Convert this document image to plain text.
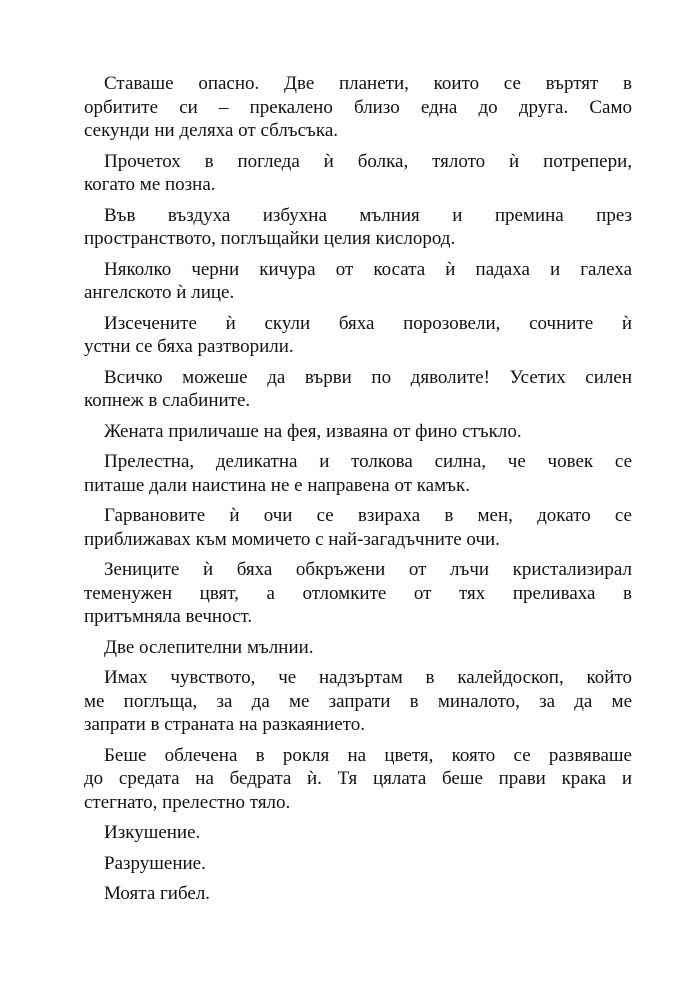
Ставаше опасно. Две планети, които се въртят в
орбитите си – прекалено близо една до друга. Само
секунди ни деляха от сблъсъка.

Прочетох в погледа ѝ болка, тялото ѝ потрепери,
когато ме позна.

Във въздуха избухна мълния и премина през
пространството, поглъщайки целия кислород.

Няколко черни кичура от косата ѝ падаха и галеха
ангелското ѝ лице.

Изсечените ѝ скули бяха порозовели, сочните ѝ
устни се бяха разтворили.

Всичко можеше да върви по дяволите! Усетих силен
копнеж в слабините.

Жената приличаше на фея, изваяна от фино стъкло.

Прелестна, деликатна и толкова силна, че човек се
питаше дали наистина не е направена от камък.

Гарвановите ѝ очи се взираха в мен, докато се
приближавах към момичето с най-загадъчните очи.

Зениците ѝ бяха обкръжени от лъчи кристализирал
теменужен цвят, а отломките от тях преливаха в
притъмняла вечност.

Две ослепителни мълнии.

Имах чувството, че надзъртам в калейдоскоп, който
ме поглъща, за да ме запрати в миналото, за да ме
запрати в страната на разкаянието.

Беше облечена в рокля на цветя, която се развяваше
до средата на бедрата ѝ. Тя цялата беше прави крака и
стегнато, прелестно тяло.

Изкушение.

Разрушение.

Моята гибел.
